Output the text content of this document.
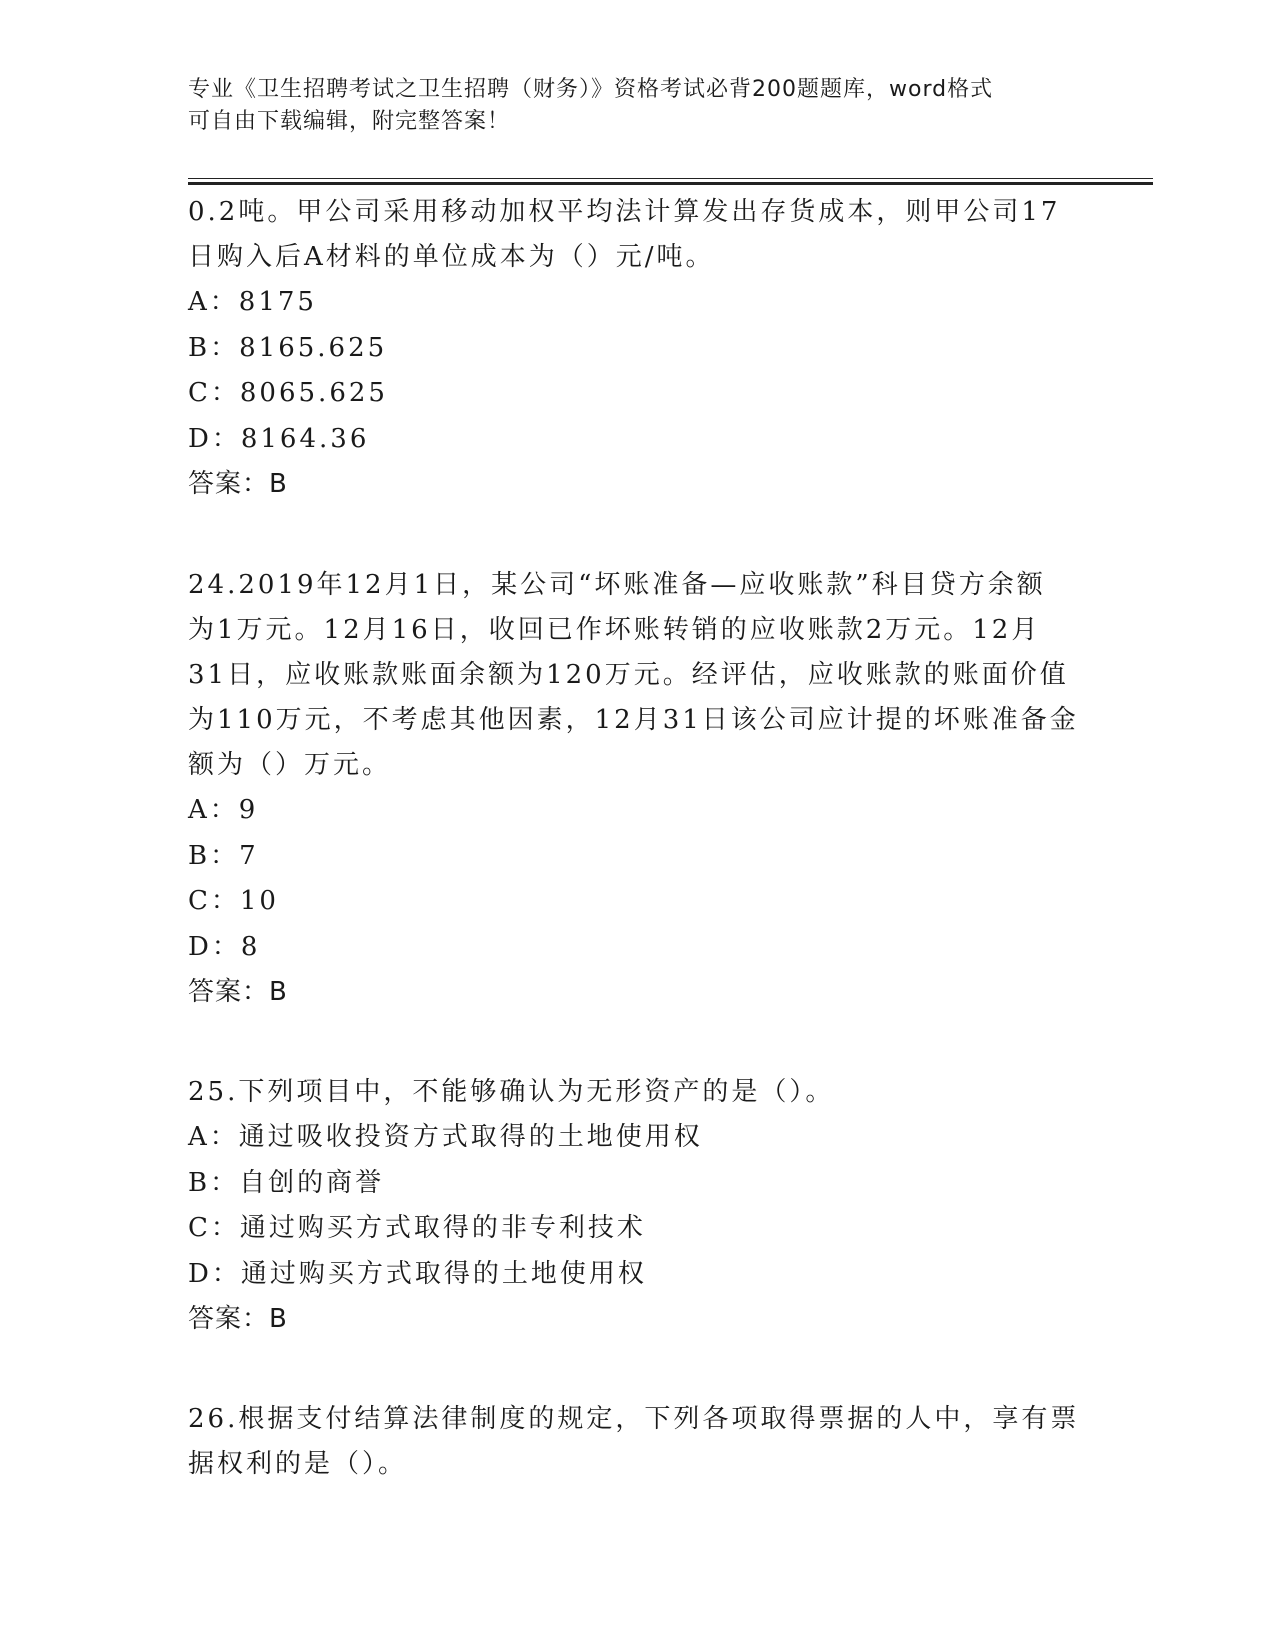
专业《卫生招聘考试之卫生招聘（财务）》资格考试必背200题题库，word格式
可自由下载编辑，附完整答案！
0.2吨。甲公司采用移动加权平均法计算发出存货成本，则甲公司17
日购入后A材料的单位成本为（）元/吨。
A：8175
B：8165.625
C：8065.625
D：8164.36
答案：B
24.2019年12月1日，某公司“坏账准备—应收账款”科目贷方余额
为1万元。12月16日，收回已作坏账转销的应收账款2万元。12月
31日，应收账款账面余额为120万元。经评估，应收账款的账面价值
为110万元，不考虑其他因素，12月31日该公司应计提的坏账准备金
额为（）万元。
A：9
B：7
C：10
D：8
答案：B
25.下列项目中，不能够确认为无形资产的是（）。
A：通过吸收投资方式取得的土地使用权
B：自创的商誉
C：通过购买方式取得的非专利技术
D：通过购买方式取得的土地使用权
答案：B
26.根据支付结算法律制度的规定，下列各项取得票据的人中，享有票
据权利的是（）。
